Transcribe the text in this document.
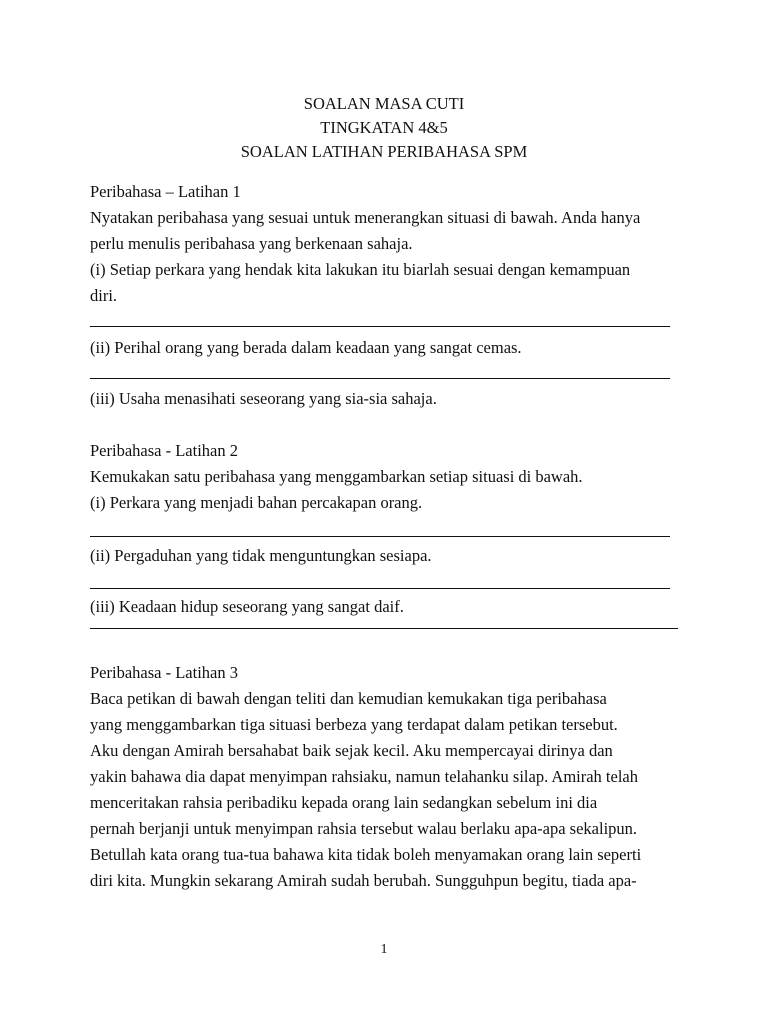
SOALAN MASA CUTI
TINGKATAN 4&5
SOALAN LATIHAN PERIBAHASA SPM
Peribahasa – Latihan 1
Nyatakan peribahasa yang sesuai untuk menerangkan situasi di bawah. Anda hanya
perlu menulis peribahasa yang berkenaan sahaja.
(i) Setiap perkara yang hendak kita lakukan itu biarlah sesuai dengan kemampuan
diri.
(ii) Perihal orang yang berada dalam keadaan yang sangat cemas.
(iii) Usaha menasihati seseorang yang sia-sia sahaja.
Peribahasa - Latihan 2
Kemukakan satu peribahasa yang menggambarkan setiap situasi di bawah.
(i) Perkara yang menjadi bahan percakapan orang.
(ii) Pergaduhan yang tidak menguntungkan sesiapa.
(iii) Keadaan hidup seseorang yang sangat daif.
Peribahasa - Latihan 3
Baca petikan di bawah dengan teliti dan kemudian kemukakan tiga peribahasa
yang menggambarkan tiga situasi berbeza yang terdapat dalam petikan tersebut.
Aku dengan Amirah bersahabat baik sejak kecil. Aku mempercayai dirinya dan
yakin bahawa dia dapat menyimpan rahsiaku, namun telahanku silap. Amirah telah
menceritakan rahsia peribadiku kepada orang lain sedangkan sebelum ini dia
pernah berjanji untuk menyimpan rahsia tersebut walau berlaku apa-apa sekalipun.
Betullah kata orang tua-tua bahawa kita tidak boleh menyamakan orang lain seperti
diri kita. Mungkin sekarang Amirah sudah berubah. Sungguhpun begitu, tiada apa-
1
